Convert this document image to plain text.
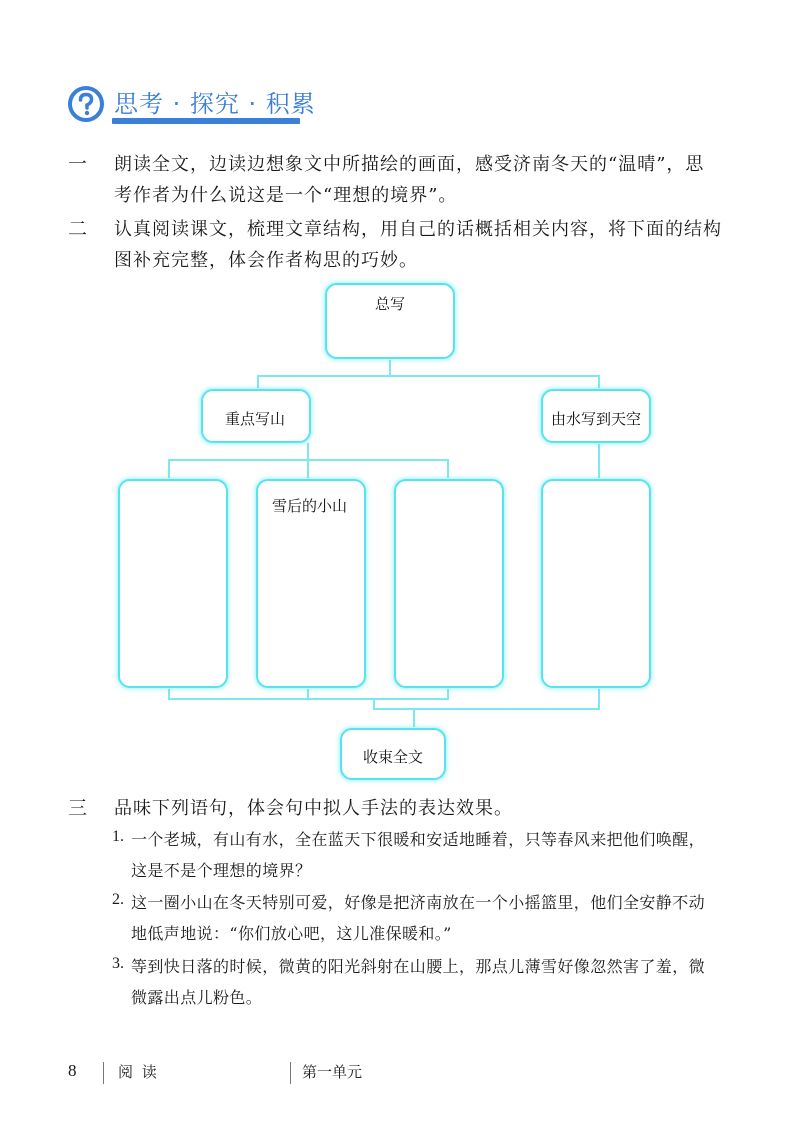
思考 · 探究 · 积累
一 朗读全文，边读边想象文中所描绘的画面，感受济南冬天的“温晴”，思
考作者为什么说这是一个“理想的境界”。
二 认真阅读课文，梳理文章结构，用自己的话概括相关内容，将下面的结构
图补充完整，体会作者构思的巧妙。
总写
重点写山	由水写到天空
雪后的小山
收束全文
三 品味下列语句，体会句中拟人手法的表达效果。
1. 一个老城，有山有水，全在蓝天下很暖和安适地睡着，只等春风来把他们唤醒，
这是不是个理想的境界？
2. 这一圈小山在冬天特别可爱，好像是把济南放在一个小摇篮里，他们全安静不动
地低声地说：“你们放心吧，这儿准保暖和。”
3. 等到快日落的时候，微黄的阳光斜射在山腰上，那点儿薄雪好像忽然害了羞，微
微露出点儿粉色。
8	阅 读	第一单元
